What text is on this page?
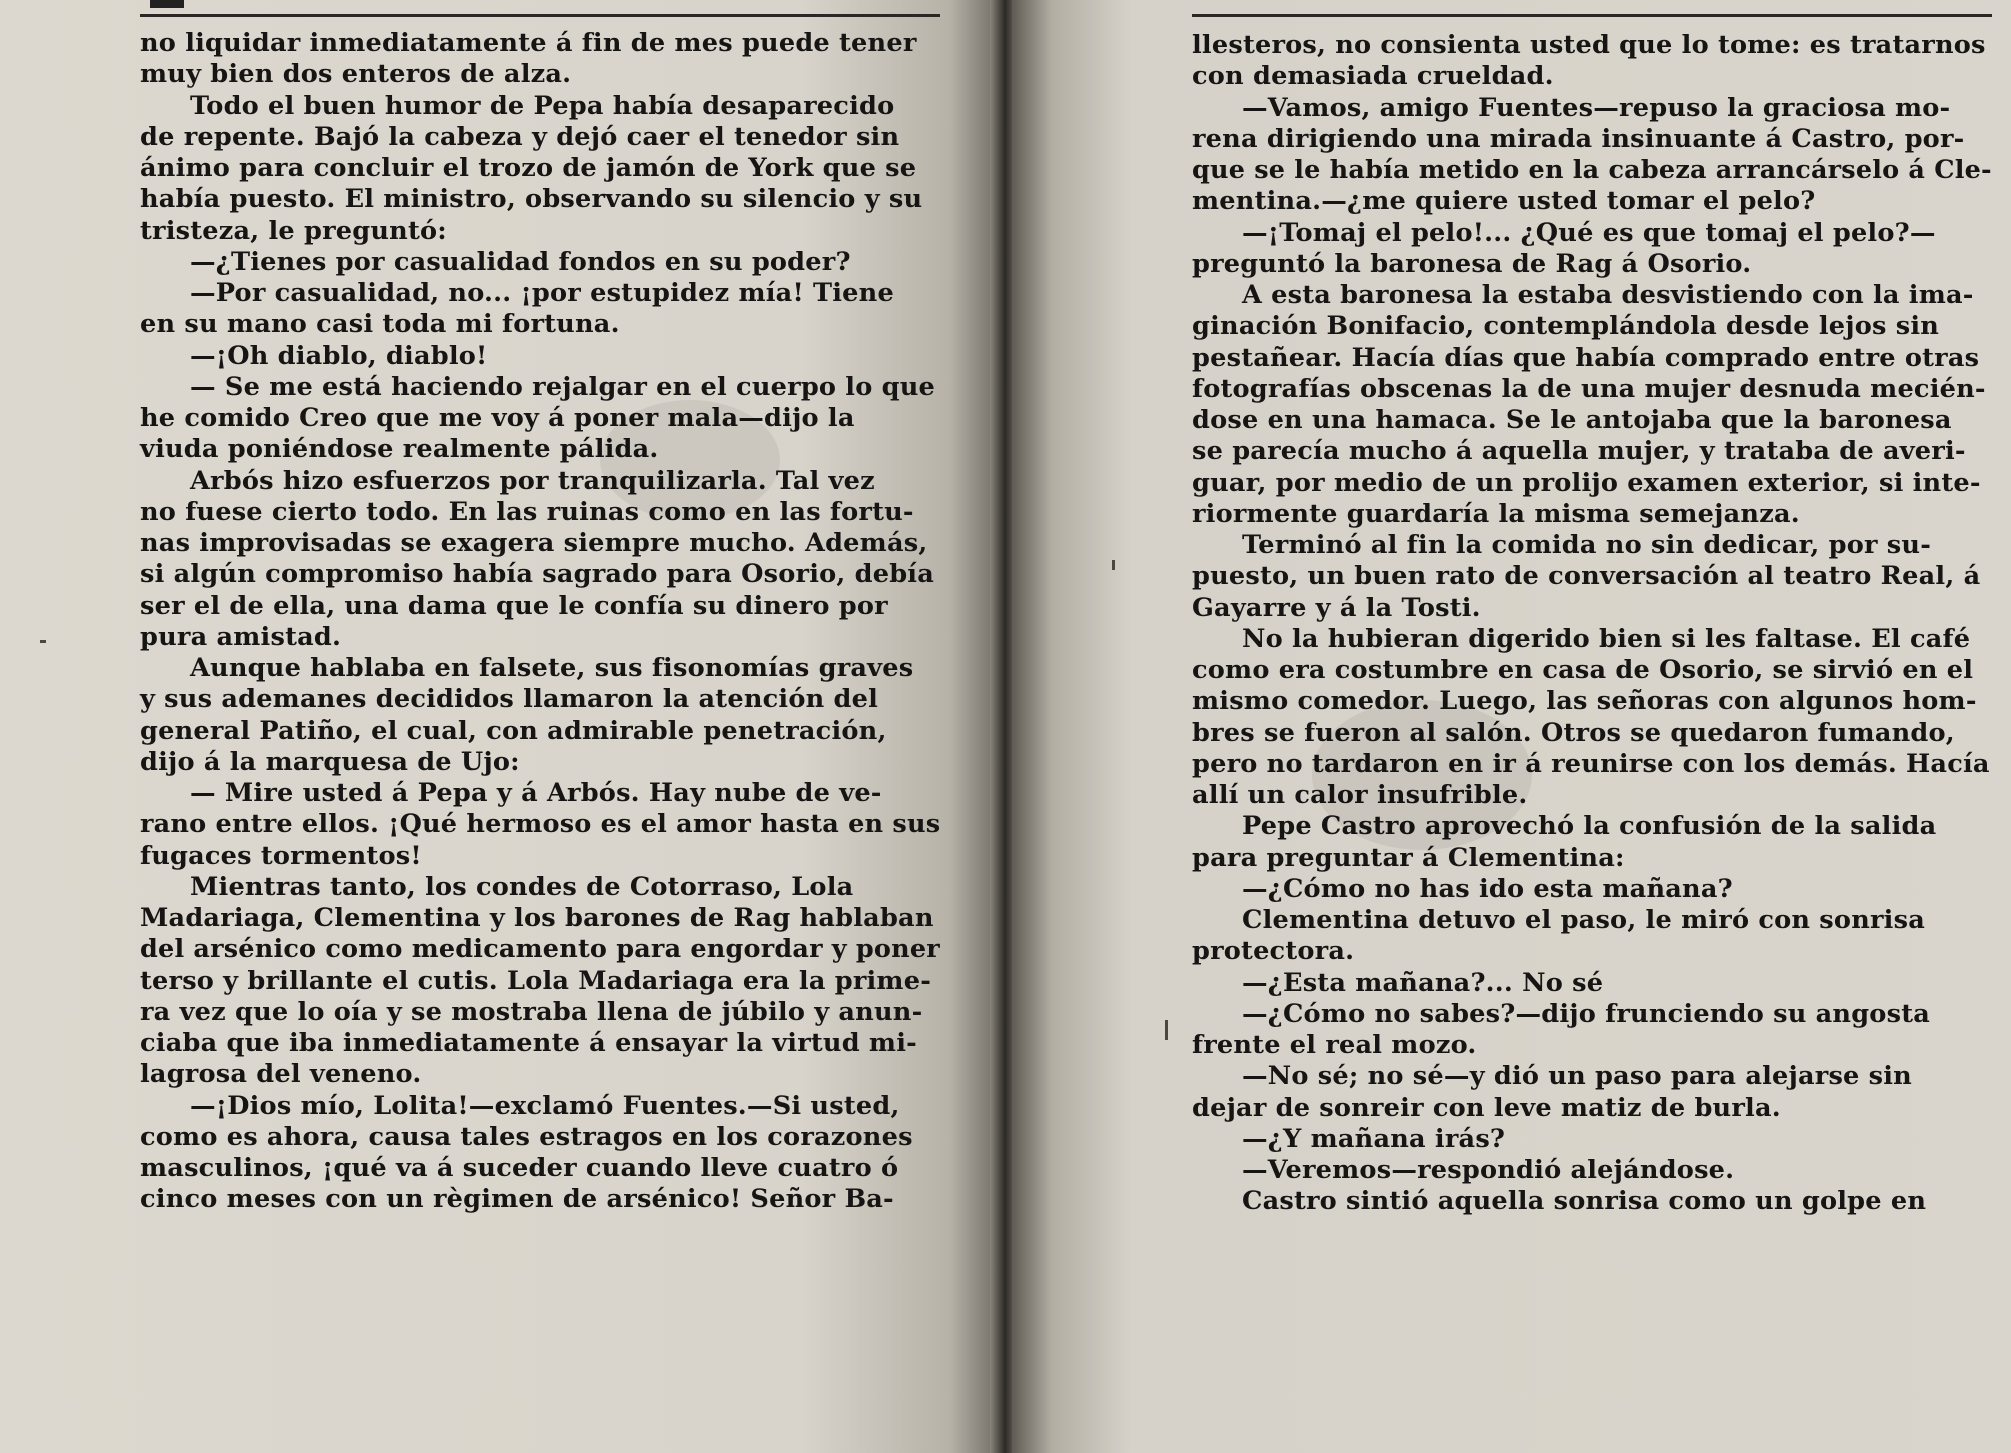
no liquidar inmediatamente á fin de mes puede tener
muy bien dos enteros de alza.
Todo el buen humor de Pepa había desaparecido
de repente. Bajó la cabeza y dejó caer el tenedor sin
ánimo para concluir el trozo de jamón de York que se
había puesto. El ministro, observando su silencio y su
tristeza, le preguntó:
—¿Tienes por casualidad fondos en su poder?
—Por casualidad, no... ¡por estupidez mía! Tiene
en su mano casi toda mi fortuna.
—¡Oh diablo, diablo!
— Se me está haciendo rejalgar en el cuerpo lo que
he comido Creo que me voy á poner mala—dijo la
viuda poniéndose realmente pálida.
Arbós hizo esfuerzos por tranquilizarla. Tal vez
no fuese cierto todo. En las ruinas como en las fortu-
nas improvisadas se exagera siempre mucho. Además,
si algún compromiso había sagrado para Osorio, debía
ser el de ella, una dama que le confía su dinero por
pura amistad.
Aunque hablaba en falsete, sus fisonomías graves
y sus ademanes decididos llamaron la atención del
general Patiño, el cual, con admirable penetración,
dijo á la marquesa de Ujo:
— Mire usted á Pepa y á Arbós. Hay nube de ve-
rano entre ellos. ¡Qué hermoso es el amor hasta en sus
fugaces tormentos!
Mientras tanto, los condes de Cotorraso, Lola
Madariaga, Clementina y los barones de Rag hablaban
del arsénico como medicamento para engordar y poner
terso y brillante el cutis. Lola Madariaga era la prime-
ra vez que lo oía y se mostraba llena de júbilo y anun-
ciaba que iba inmediatamente á ensayar la virtud mi-
lagrosa del veneno.
—¡Dios mío, Lolita!—exclamó Fuentes.—Si usted,
como es ahora, causa tales estragos en los corazones
masculinos, ¡qué va á suceder cuando lleve cuatro ó
cinco meses con un règimen de arsénico! Señor Ba-
llesteros, no consienta usted que lo tome: es tratarnos
con demasiada crueldad.
—Vamos, amigo Fuentes—repuso la graciosa mo-
rena dirigiendo una mirada insinuante á Castro, por-
que se le había metido en la cabeza arrancárselo á Cle-
mentina.—¿me quiere usted tomar el pelo?
—¡Tomaj el pelo!... ¿Qué es que tomaj el pelo?—
preguntó la baronesa de Rag á Osorio.
A esta baronesa la estaba desvistiendo con la ima-
ginación Bonifacio, contemplándola desde lejos sin
pestañear. Hacía días que había comprado entre otras
fotografías obscenas la de una mujer desnuda mecién-
dose en una hamaca. Se le antojaba que la baronesa
se parecía mucho á aquella mujer, y trataba de averi-
guar, por medio de un prolijo examen exterior, si inte-
riormente guardaría la misma semejanza.
Terminó al fin la comida no sin dedicar, por su-
puesto, un buen rato de conversación al teatro Real, á
Gayarre y á la Tosti.
No la hubieran digerido bien si les faltase. El café
como era costumbre en casa de Osorio, se sirvió en el
mismo comedor. Luego, las señoras con algunos hom-
bres se fueron al salón. Otros se quedaron fumando,
pero no tardaron en ir á reunirse con los demás. Hacía
allí un calor insufrible.
Pepe Castro aprovechó la confusión de la salida
para preguntar á Clementina:
—¿Cómo no has ido esta mañana?
Clementina detuvo el paso, le miró con sonrisa
protectora.
—¿Esta mañana?... No sé
—¿Cómo no sabes?—dijo frunciendo su angosta
frente el real mozo.
—No sé; no sé—y dió un paso para alejarse sin
dejar de sonreir con leve matiz de burla.
—¿Y mañana irás?
—Veremos—respondió alejándose.
Castro sintió aquella sonrisa como un golpe en
